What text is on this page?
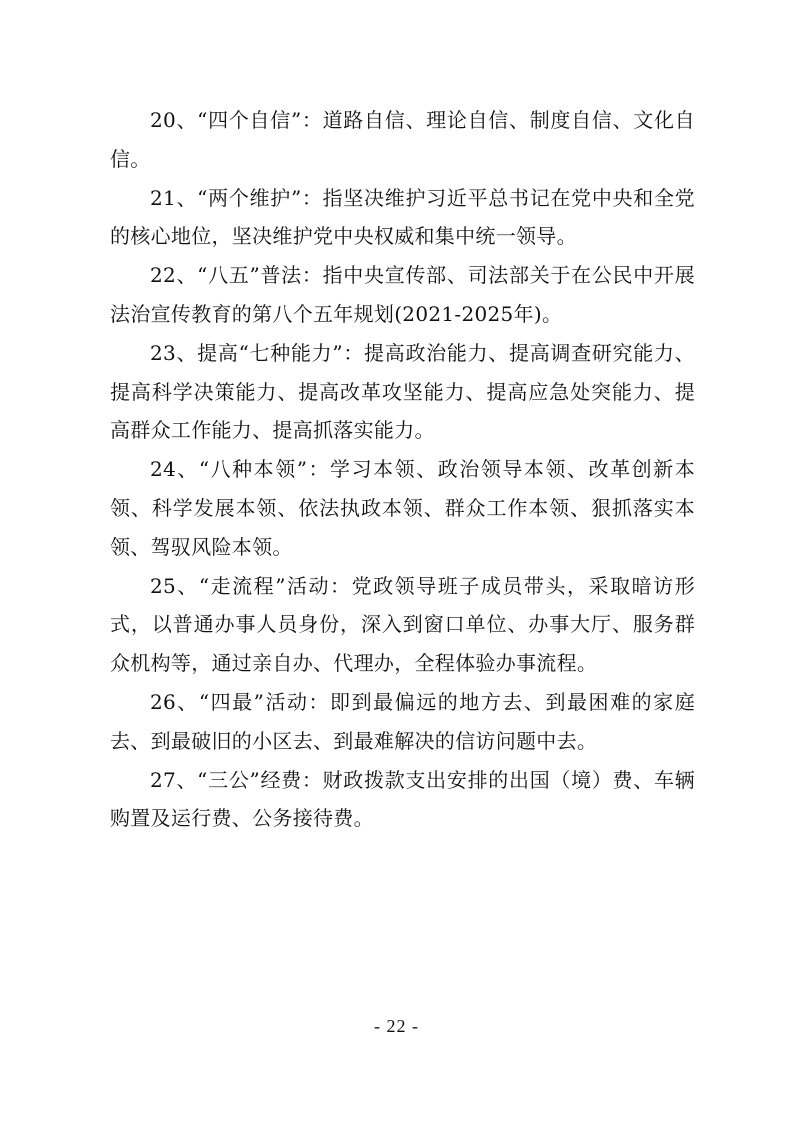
20、“四个自信”：道路自信、理论自信、制度自信、文化自信。

21、“两个维护”：指坚决维护习近平总书记在党中央和全党的核心地位，坚决维护党中央权威和集中统一领导。

22、“八五”普法：指中央宣传部、司法部关于在公民中开展法治宣传教育的第八个五年规划(2021-2025年)。

23、提高“七种能力”：提高政治能力、提高调查研究能力、提高科学决策能力、提高改革攻坚能力、提高应急处突能力、提高群众工作能力、提高抓落实能力。

24、“八种本领”：学习本领、政治领导本领、改革创新本领、科学发展本领、依法执政本领、群众工作本领、狠抓落实本领、驾驭风险本领。

25、“走流程”活动：党政领导班子成员带头，采取暗访形式，以普通办事人员身份，深入到窗口单位、办事大厅、服务群众机构等，通过亲自办、代理办，全程体验办事流程。

26、“四最”活动：即到最偏远的地方去、到最困难的家庭去、到最破旧的小区去、到最难解决的信访问题中去。

27、“三公”经费：财政拨款支出安排的出国（境）费、车辆购置及运行费、公务接待费。

- 22 -
